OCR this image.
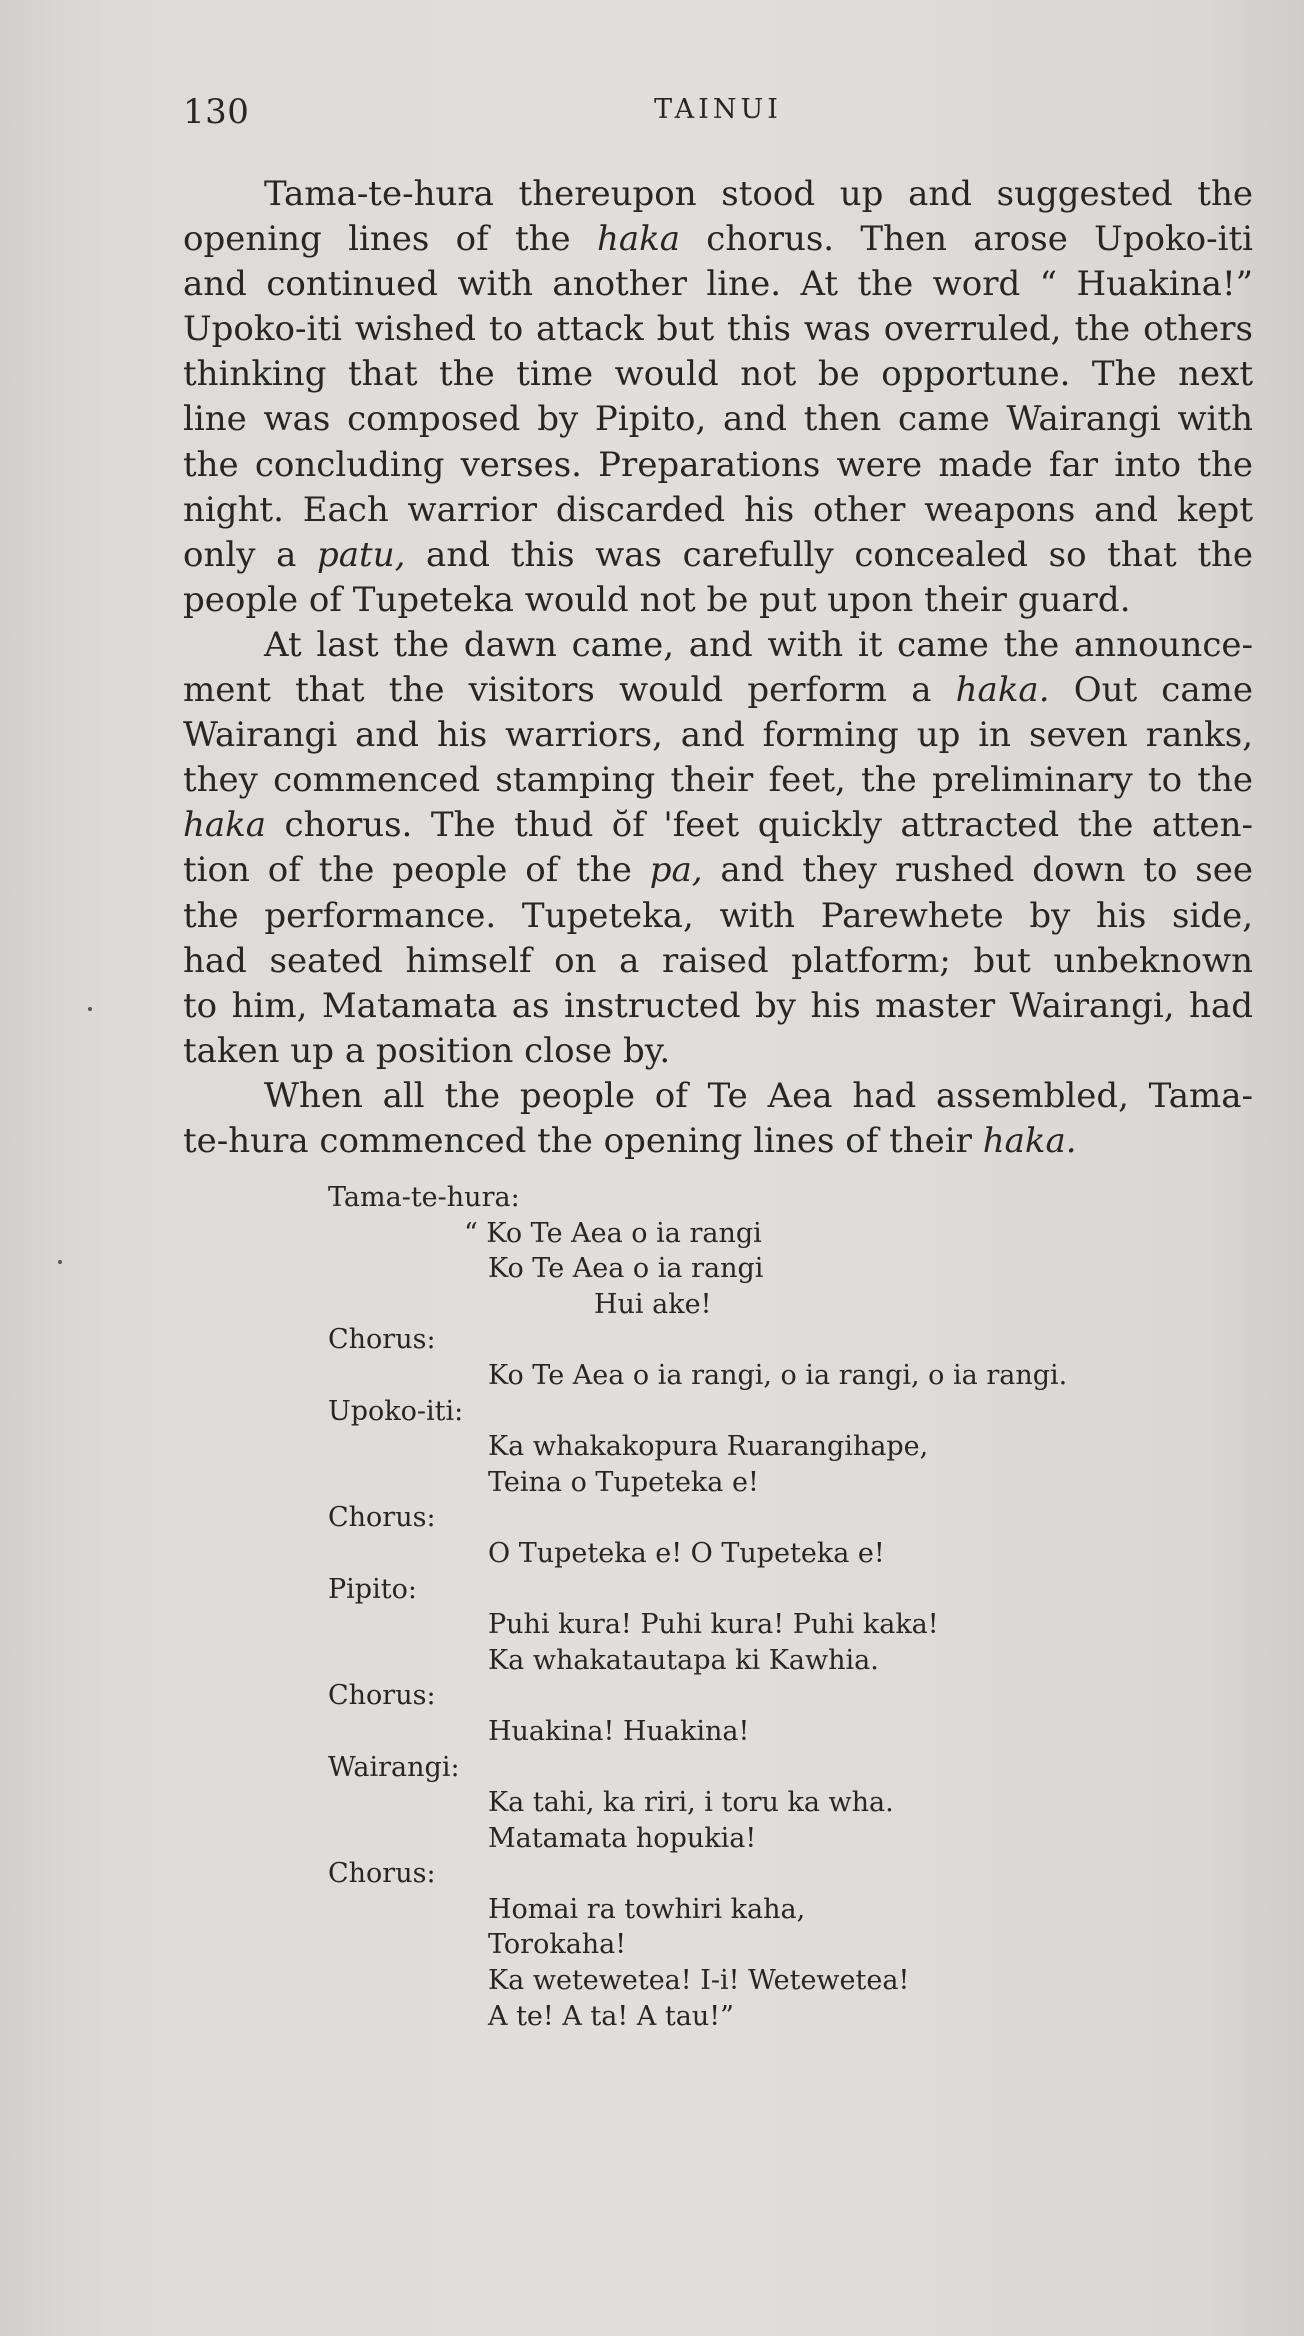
130	TAINUI
Tama-te-hura thereupon stood up and suggested the
opening lines of the haka chorus. Then arose Upoko-iti
and continued with another line. At the word “ Huakina!”
Upoko-iti wished to attack but this was overruled, the others
thinking that the time would not be opportune. The next
line was composed by Pipito, and then came Wairangi with
the concluding verses. Preparations were made far into the
night. Each warrior discarded his other weapons and kept
only a patu, and this was carefully concealed so that the
people of Tupeteka would not be put upon their guard.
At last the dawn came, and with it came the announce-
ment that the visitors would perform a haka. Out came
Wairangi and his warriors, and forming up in seven ranks,
they commenced stamping their feet, the preliminary to the
haka chorus. The thud ŏf 'feet quickly attracted the atten-
tion of the people of the pa, and they rushed down to see
the performance. Tupeteka, with Parewhete by his side,
had seated himself on a raised platform; but unbeknown
to him, Matamata as instructed by his master Wairangi, had
taken up a position close by.
When all the people of Te Aea had assembled, Tama-
te-hura commenced the opening lines of their haka.
Tama-te-hura:
“ Ko Te Aea o ia rangi
Ko Te Aea o ia rangi
Hui ake!
Chorus:
Ko Te Aea o ia rangi, o ia rangi, o ia rangi.
Upoko-iti:
Ka whakakopura Ruarangihape,
Teina o Tupeteka e!
Chorus:
O Tupeteka e! O Tupeteka e!
Pipito:
Puhi kura! Puhi kura! Puhi kaka!
Ka whakatautapa ki Kawhia.
Chorus:
Huakina! Huakina!
Wairangi:
Ka tahi, ka riri, i toru ka wha.
Matamata hopukia!
Chorus:
Homai ra towhiri kaha,
Torokaha!
Ka wetewetea! I-i! Wetewetea!
A te! A ta! A tau!”
